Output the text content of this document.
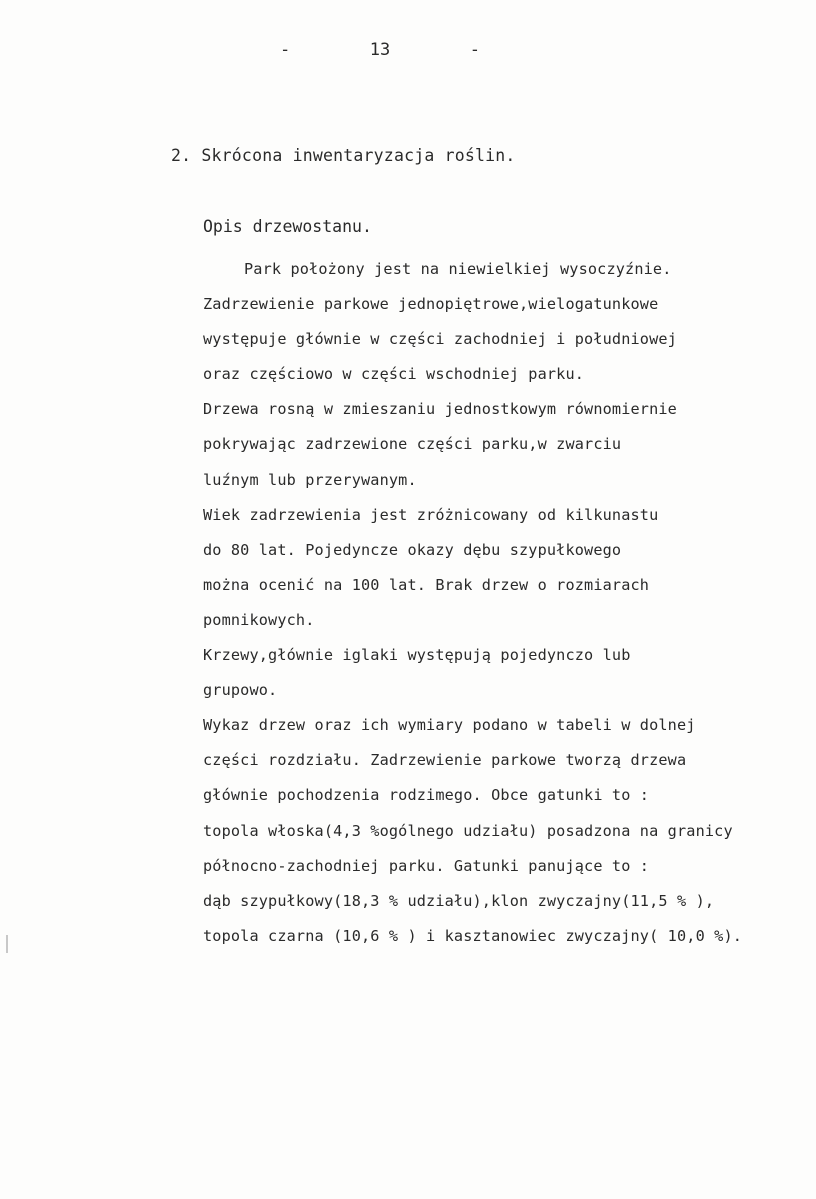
-	13	-
2. Skrócona inwentaryzacja roślin.
Opis drzewostanu.
Park położony jest na niewielkiej wysoczyźnie.
Zadrzewienie parkowe jednopiętrowe,wielogatunkowe
występuje głównie w części zachodniej i południowej
oraz częściowo w części wschodniej parku.
Drzewa rosną w zmieszaniu jednostkowym równomiernie
pokrywając zadrzewione części parku,w zwarciu
luźnym lub przerywanym.
Wiek zadrzewienia jest zróżnicowany od kilkunastu
do 80 lat. Pojedyncze okazy dębu szypułkowego
można ocenić na 100 lat. Brak drzew o rozmiarach
pomnikowych.
Krzewy,głównie iglaki występują pojedynczo lub
grupowo.
Wykaz drzew oraz ich wymiary podano w tabeli w dolnej
części rozdziału. Zadrzewienie parkowe tworzą drzewa
głównie pochodzenia rodzimego. Obce gatunki to :
topola włoska(4,3 %ogólnego udziału) posadzona na granicy
północno-zachodniej parku. Gatunki panujące to :
dąb szypułkowy(18,3 % udziału),klon zwyczajny(11,5 % ),
topola czarna (10,6 % ) i kasztanowiec zwyczajny( 10,0 %).
